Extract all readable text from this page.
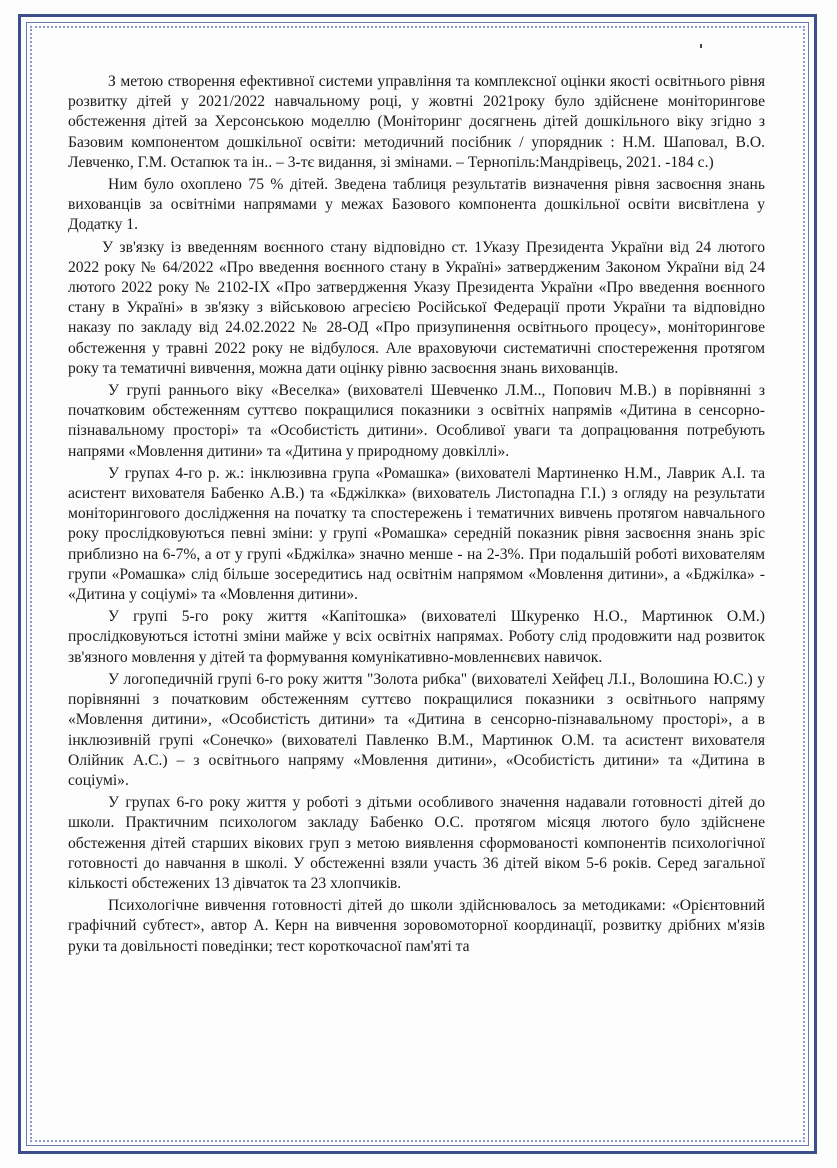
З метою створення ефективної системи управління та комплексної оцінки якості освітнього рівня розвитку дітей у 2021/2022 навчальному році, у жовтні 2021року було здійснене моніторингове обстеження дітей за Херсонською моделлю (Моніторинг досягнень дітей дошкільного віку згідно з Базовим компонентом дошкільної освіти: методичний посібник / упорядник : Н.М. Шаповал, В.О. Левченко, Г.М. Остапюк та ін.. – 3-тє видання, зі змінами. – Тернопіль:Мандрівець, 2021. -184 с.)

Ним було охоплено 75 % дітей. Зведена таблиця результатів визначення рівня засвоєння знань вихованців за освітніми напрямами у межах Базового компонента дошкільної освіти висвітлена у Додатку 1.

У зв'язку із введенням воєнного стану відповідно ст. 1Указу Президента України від 24 лютого 2022 року № 64/2022 «Про введення воєнного стану в Україні» затвердженим Законом України від 24 лютого 2022 року № 2102-IX «Про затвердження Указу Президента України «Про введення воєнного стану в Україні» в зв'язку з військовою агресією Російської Федерації проти України та відповідно наказу по закладу від 24.02.2022 № 28-ОД «Про призупинення освітнього процесу», моніторингове обстеження у травні 2022 року не відбулося. Але враховуючи систематичні спостереження протягом року та тематичні вивчення, можна дати оцінку рівню засвоєння знань вихованців.

У групі раннього віку «Веселка» (вихователі Шевченко Л.М.., Попович М.В.) в порівнянні з початковим обстеженням суттєво покращилися показники з освітніх напрямів «Дитина в сенсорно-пізнавальному просторі» та «Особистість дитини». Особливої уваги та допрацювання потребують напрями «Мовлення дитини» та «Дитина у природному довкіллі».

У групах 4-го р. ж.: інклюзивна група «Ромашка» (вихователі Мартиненко Н.М., Лаврик А.І. та асистент вихователя Бабенко А.В.) та «Бджілкка» (вихователь Листопадна Г.І.) з огляду на результати моніторингового дослідження на початку та спостережень і тематичних вивчень протягом навчального року прослідковуються певні зміни: у групі «Ромашка» середній показник рівня засвоєння знань зріс приблизно на 6-7%, а от у групі «Бджілка» значно менше - на 2-3%. При подальшій роботі вихователям групи «Ромашка» слід більше зосередитись над освітнім напрямом «Мовлення дитини», а «Бджілка» - «Дитина у соціумі» та «Мовлення дитини».

У групі 5-го року життя «Капітошка» (вихователі Шкуренко Н.О., Мартинюк О.М.) прослідковуються істотні зміни майже у всіх освітніх напрямах. Роботу слід продовжити над розвиток зв'язного мовлення у дітей та формування комунікативно-мовленнєвих навичок.

У логопедичній групі 6-го року життя "Золота рибка" (вихователі Хейфец Л.І., Волошина Ю.С.) у порівнянні з початковим обстеженням суттєво покращилися показники з освітнього напряму «Мовлення дитини», «Особистість дитини» та «Дитина в сенсорно-пізнавальному просторі», а в інклюзивній групі «Сонечко» (вихователі Павленко В.М., Мартинюк О.М. та асистент вихователя Олійник А.С.) – з освітнього напряму «Мовлення дитини», «Особистість дитини» та «Дитина в соціумі».

У групах 6-го року життя у роботі з дітьми особливого значення надавали готовності дітей до школи. Практичним психологом закладу Бабенко О.С. протягом місяця лютого було здійснене обстеження дітей старших вікових груп з метою виявлення сформованості компонентів психологічної готовності до навчання в школі. У обстеженні взяли участь 36 дітей віком 5-6 років. Серед загальної кількості обстежених 13 дівчаток та 23 хлопчиків.

Психологічне вивчення готовності дітей до школи здійснювалось за методиками: «Орієнтовний графічний субтест», автор А. Керн на вивчення зоровомоторної координації, розвитку дрібних м'язів руки та довільності поведінки; тест короткочасної пам'яті та
